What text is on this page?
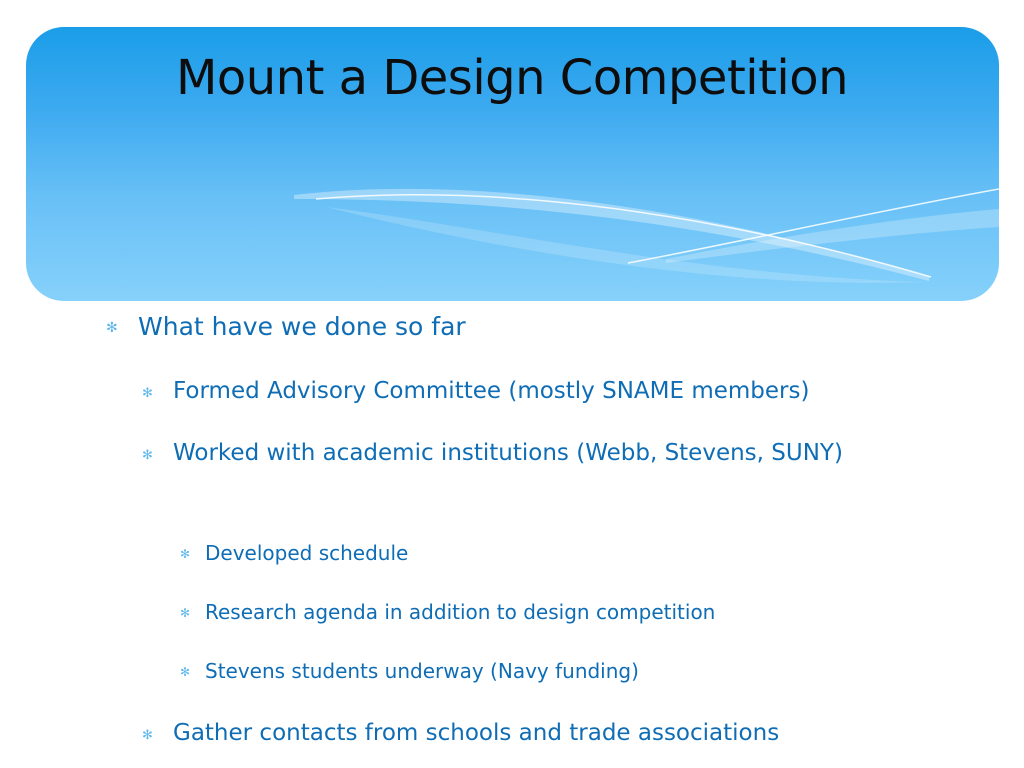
Mount a Design Competition
✻ What have we done so far
✻ Formed Advisory Committee (mostly SNAME members)
✻ Worked with academic institutions (Webb, Stevens, SUNY)
✻ Developed schedule
✻ Research agenda in addition to design competition
✻ Stevens students underway (Navy funding)
✻ Gather contacts from schools and trade associations
